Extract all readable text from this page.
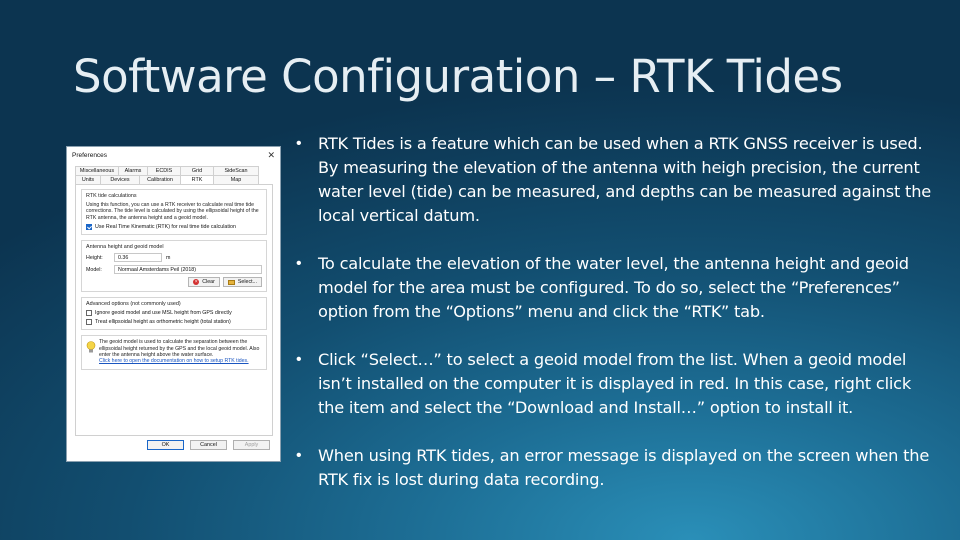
Software Configuration – RTK Tides
Preferences	✕
Miscellaneous	Alarms	ECDIS	Grid	SideScan
Units	Devices	Calibration	RTK	Map
RTK tide calculations
Using this function, you can use a RTK receiver to calculate real time tide corrections. The tide level is calculated by using the ellipsoidal height of the RTK antenna, the antenna height and a geoid model.
Use Real Time Kinematic (RTK) for real time tide calculation
Antenna height and geoid model
Height:	0.36	m
Model:	Normaal Amsterdams Peil (2018)
× Clear	Select...
Advanced options (not commonly used)
Ignore geoid model and use MSL height from GPS directly
Treat ellipsoidal height as orthometric height (total station)
The geoid model is used to calculate the separation between the ellipsoidal height returned by the GPS and the local geoid model. Also enter the antenna height above the water surface.
Click here to open the documentation on how to setup RTK tides.
OK	Cancel	Apply
• RTK Tides is a feature which can be used when a RTK GNSS receiver is used. By measuring the elevation of the antenna with heigh precision, the current water level (tide) can be measured, and depths can be measured against the local vertical datum.
• To calculate the elevation of the water level, the antenna height and geoid model for the area must be configured. To do so, select the “Preferences” option from the “Options” menu and click the “RTK” tab.
• Click “Select…” to select a geoid model from the list. When a geoid model isn’t installed on the computer it is displayed in red. In this case, right click the item and select the “Download and Install…” option to install it.
• When using RTK tides, an error message is displayed on the screen when the RTK fix is lost during data recording.
